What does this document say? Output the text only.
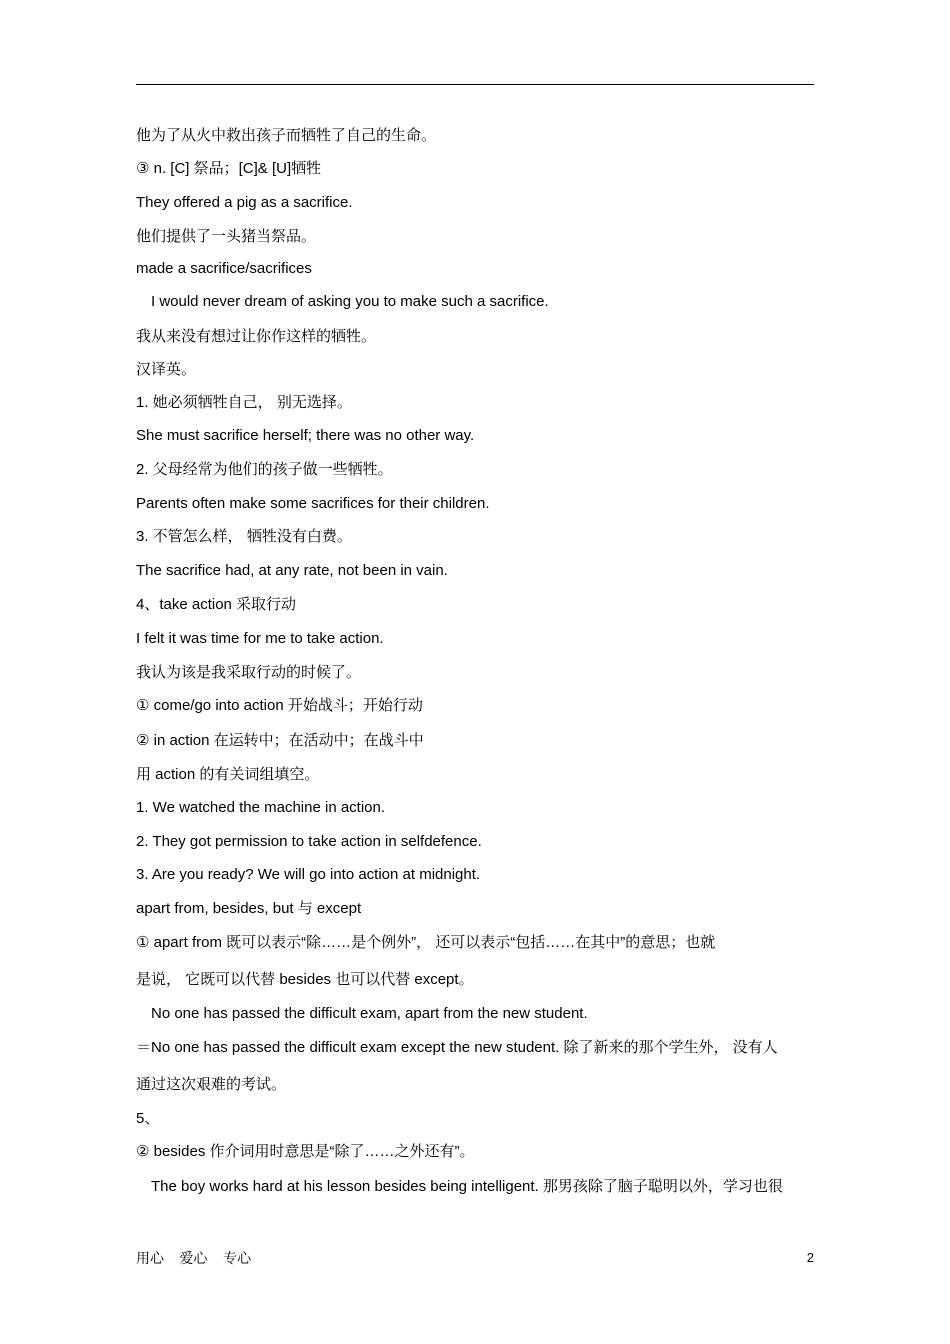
他为了从火中救出孩子而牺牲了自己的生命。
③ n. [C] 祭品；[C]& [U]牺牲
They offered a pig as a sacrifice.
他们提供了一头猪当祭品。
made a sacrifice/sacrifices
I would never dream of asking you to make such a sacrifice.
我从来没有想过让你作这样的牺牲。
汉译英。
1. 她必须牺牲自己， 别无选择。
She must sacrifice herself; there was no other way.
2. 父母经常为他们的孩子做一些牺牲。
Parents often make some sacrifices for their children.
3. 不管怎么样， 牺牲没有白费。
The sacrifice had, at any rate, not been in vain.
4、take action 采取行动
I felt it was time for me to take action.
我认为该是我采取行动的时候了。
① come/go into action 开始战斗；开始行动
② in action 在运转中；在活动中；在战斗中
用 action 的有关词组填空。
1. We watched the machine in action.
2. They got permission to take action in selfdefence.
3. Are you ready? We will go into action at midnight.
apart from, besides, but 与 except
① apart from 既可以表示“除……是个例外”， 还可以表示“包括……在其中”的意思；也就
是说， 它既可以代替 besides 也可以代替 except。
No one has passed the difficult exam, apart from the new student.
＝No one has passed the difficult exam except the new student. 除了新来的那个学生外， 没有人
通过这次艰难的考试。
5、
② besides 作介词用时意思是“除了……之外还有”。
The boy works hard at his lesson besides being intelligent. 那男孩除了脑子聪明以外，学习也很
用心    爱心    专心	2
